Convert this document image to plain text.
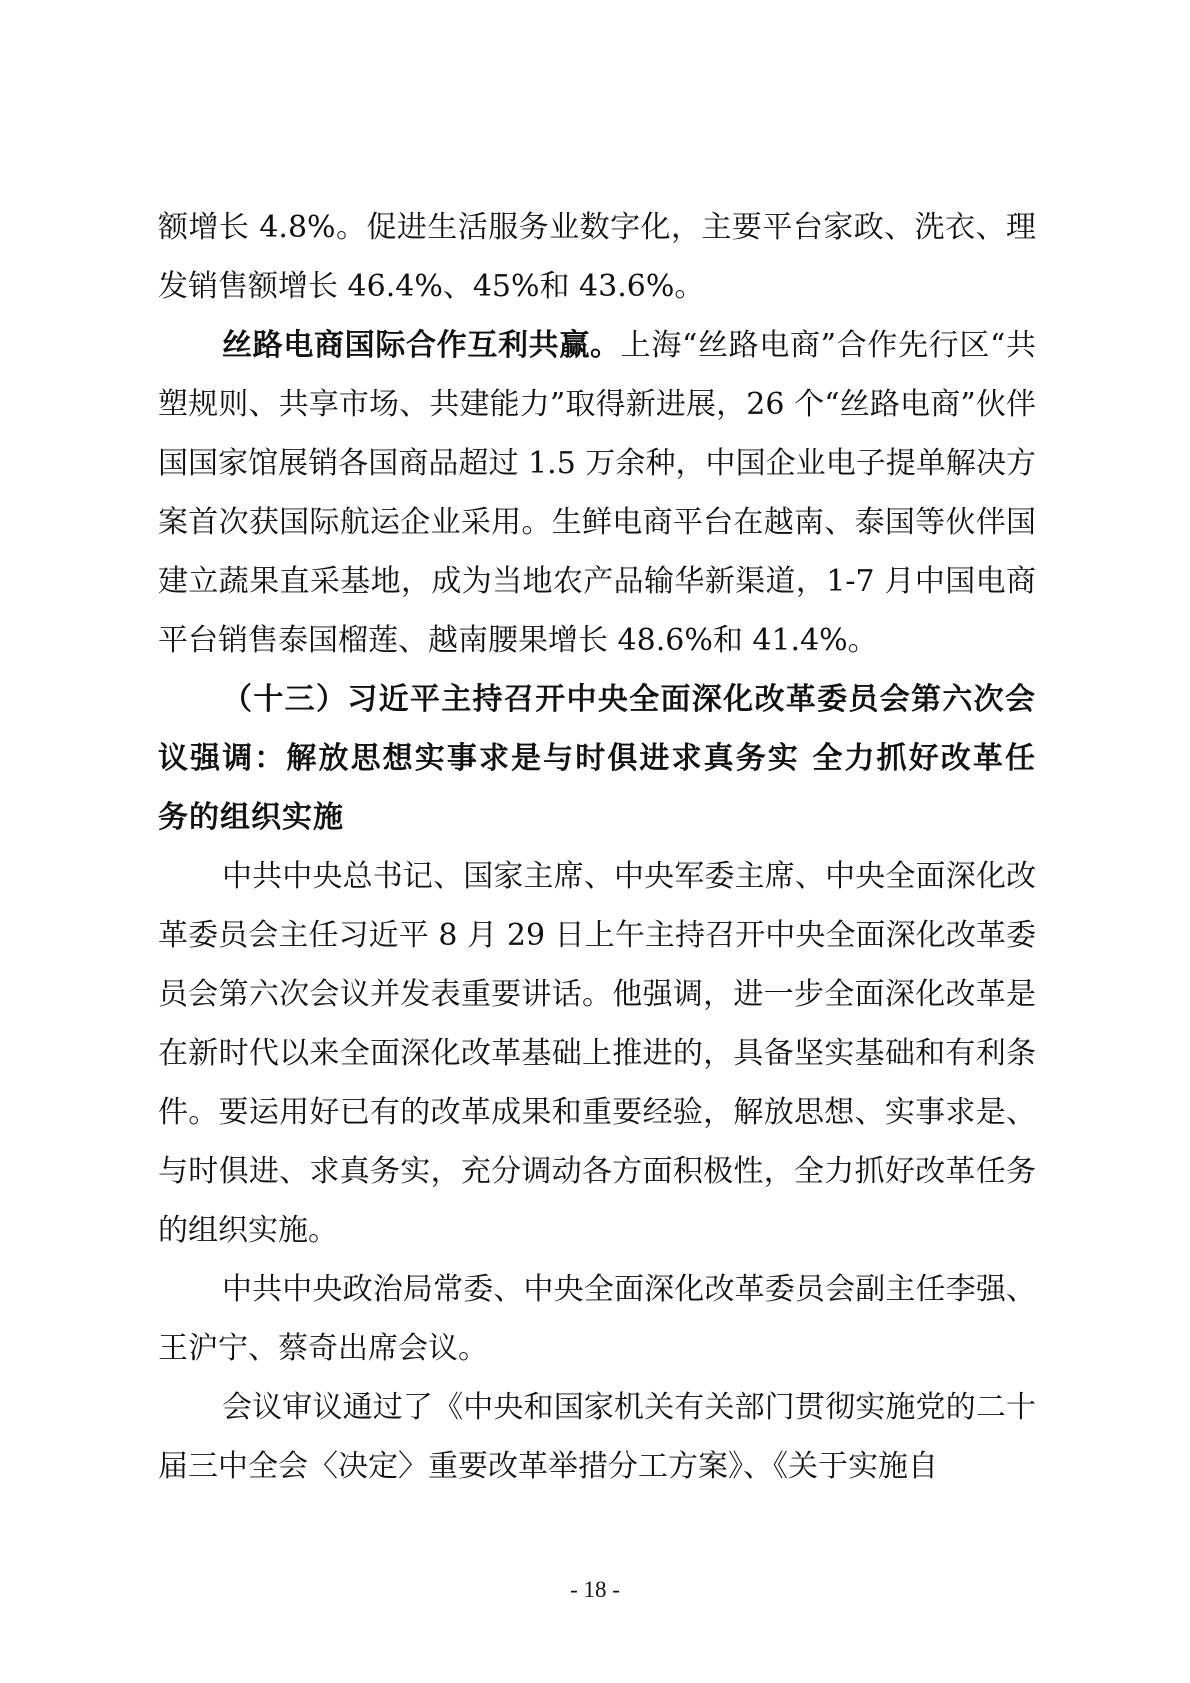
额增长 4.8%。促进生活服务业数字化，主要平台家政、洗衣、理发销售额增长 46.4%、45%和 43.6%。

丝路电商国际合作互利共赢。上海“丝路电商”合作先行区“共塑规则、共享市场、共建能力”取得新进展，26 个“丝路电商”伙伴国国家馆展销各国商品超过 1.5 万余种，中国企业电子提单解决方案首次获国际航运企业采用。生鲜电商平台在越南、泰国等伙伴国建立蔬果直采基地，成为当地农产品输华新渠道，1-7 月中国电商平台销售泰国榴莲、越南腰果增长 48.6%和 41.4%。

（十三）习近平主持召开中央全面深化改革委员会第六次会议强调：解放思想实事求是与时俱进求真务实 全力抓好改革任务的组织实施

中共中央总书记、国家主席、中央军委主席、中央全面深化改革委员会主任习近平 8 月 29 日上午主持召开中央全面深化改革委员会第六次会议并发表重要讲话。他强调，进一步全面深化改革是在新时代以来全面深化改革基础上推进的，具备坚实基础和有利条件。要运用好已有的改革成果和重要经验，解放思想、实事求是、与时俱进、求真务实，充分调动各方面积极性，全力抓好改革任务的组织实施。

中共中央政治局常委、中央全面深化改革委员会副主任李强、王沪宁、蔡奇出席会议。

会议审议通过了《中央和国家机关有关部门贯彻实施党的二十届三中全会〈决定〉重要改革举措分工方案》、《关于实施自

- 18 -
